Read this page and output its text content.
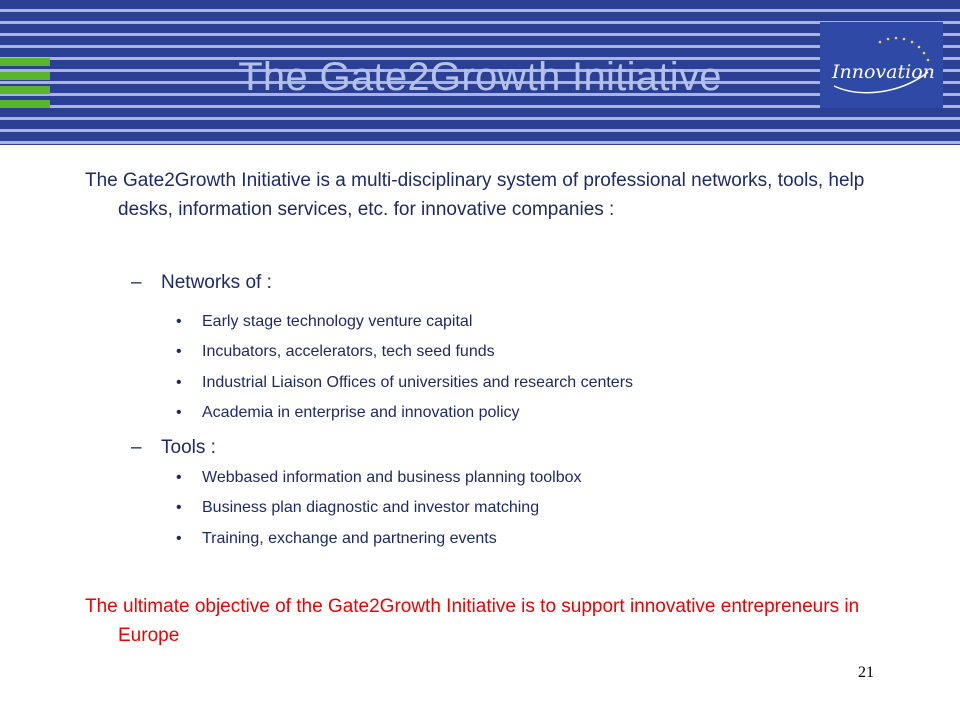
The Gate2Growth Initiative	Innovation
The Gate2Growth Initiative is a multi-disciplinary system of professional networks, tools, help desks, information services, etc. for innovative companies :
– Networks of :
• Early stage technology venture capital
• Incubators, accelerators, tech seed funds
• Industrial Liaison Offices of universities and research centers
• Academia in enterprise and innovation policy
– Tools :
• Webbased information and business planning toolbox
• Business plan diagnostic and investor matching
• Training, exchange and partnering events
The ultimate objective of the Gate2Growth Initiative is to support innovative entrepreneurs in Europe
21
